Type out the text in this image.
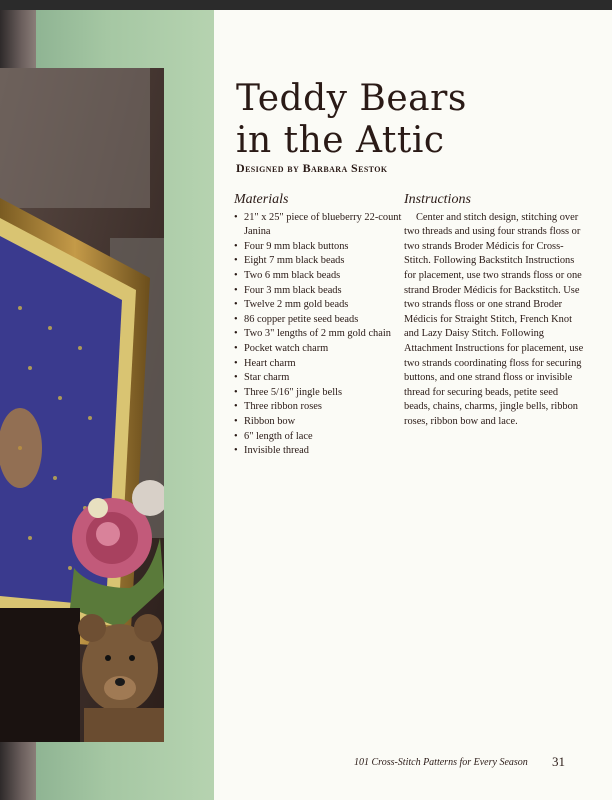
Teddy Bears
in the Attic
Designed by Barbara Sestok
Materials
• 21" x 25" piece of blueberry 22-count Janina
• Four 9 mm black buttons
• Eight 7 mm black beads
• Two 6 mm black beads
• Four 3 mm black beads
• Twelve 2 mm gold beads
• 86 copper petite seed beads
• Two 3" lengths of 2 mm gold chain
• Pocket watch charm
• Heart charm
• Star charm
• Three 5/16" jingle bells
• Three ribbon roses
• Ribbon bow
• 6" length of lace
• Invisible thread
Instructions

Center and stitch design, stitching over two threads and using four strands floss or two strands Broder Médicis for Cross-Stitch. Following Backstitch Instructions for placement, use two strands floss or one strand Broder Médicis for Backstitch. Use two strands floss or one strand Broder Médicis for Straight Stitch, French Knot and Lazy Daisy Stitch. Following Attachment Instructions for placement, use two strands coordinating floss for securing buttons, and one strand floss or invisible thread for securing beads, petite seed beads, chains, charms, jingle bells, ribbon roses, ribbon bow and lace.

101 Cross-Stitch Patterns for Every Season 31
